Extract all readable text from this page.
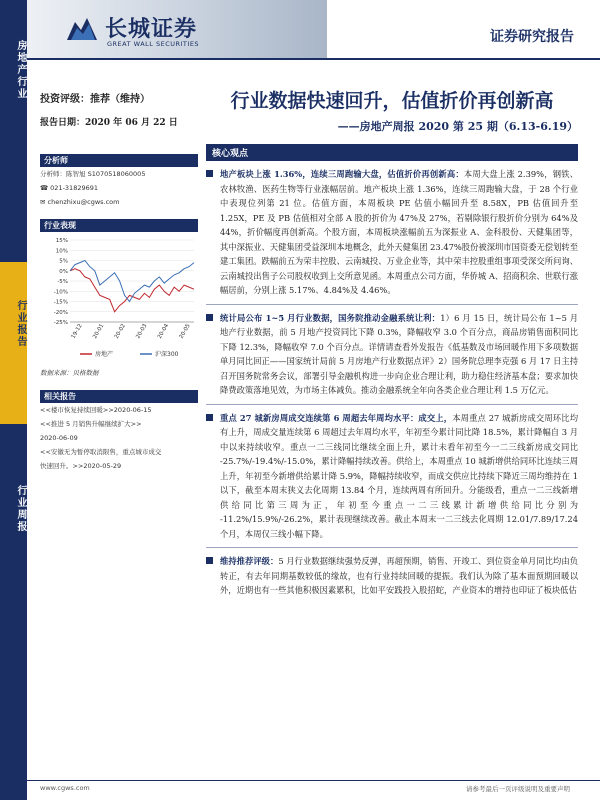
房地产行业
行业报告
行业周报
长城证券
GREAT WALL SECURITIES	证券研究报告
投资评级：推荐（维持）
报告日期：2020 年 06 月 22 日
分析师
分析师：陈智旭 S1070518060005
☎ 021-31829691
✉ chenzhixu@cgws.com
行业表现
15%
10%
5%
0%
-5%
-10%
-15%
-20%
-25%
19-12 20-01 20-02 20-03 20-04 20-05
房地产	沪深300
数据来源：贝格数据
相关报告
<<楼市恢复持续回暖>>2020-06-15
<<推进 5 月销售升幅继续扩大>>
2020-06-09
<<安徽无为暂停取消限售，重点城市成交
快速回升。>>2020-05-29
行业数据快速回升，估值折价再创新高
——房地产周报 2020 第 25 期（6.13-6.19）
核心观点

地产板块上涨 1.36%，连续三周跑输大盘，估值折价再创新高：本周大盘上涨 2.39%，钢铁、农林牧渔、医药生物等行业涨幅居前。地产板块上涨 1.36%，连续三周跑输大盘，于 28 个行业中表现位列第 21 位。估值方面，本周板块 PE 估值小幅回升至 8.58X，PB 估值回升至 1.25X，PE 及 PB 估值相对全部 A 股的折价为 47%及 27%，若剔除银行股折价分别为 64%及 44%，折价幅度再创新高。个股方面，本周板块涨幅前五为深振业 A、金科股份、天健集团等，其中深振业、天健集团受益深圳本地概念，此外天健集团 23.47%股份被深圳市国资委无偿划转至建工集团。跌幅前五为荣丰控股、云南城投、万业企业等，其中荣丰控股重组事项受深交所问询、云南城投出售子公司股权收到上交所意见函。本周重点公司方面，华侨城 A、招商积余、世联行涨幅居前，分别上涨 5.17%、4.84%及 4.46%。

统计局公布 1~5 月行业数据，国务院推动金融系统让利：1）6 月 15 日，统计局公布 1~5 月地产行业数据，前 5 月地产投资同比下降 0.3%，降幅收窄 3.0 个百分点，商品房销售面积同比下降 12.3%，降幅收窄 7.0 个百分点。详情请查看外发报告《低基数及市场回暖作用下多项数据单月同比回正——国家统计局前 5 月房地产行业数据点评》2）国务院总理李克强 6 月 17 日主持召开国务院常务会议，部署引导金融机构进一步向企业合理让利，助力稳住经济基本盘；要求加快降费政策落地见效，为市场主体减负。推动金融系统全年向各类企业合理让利 1.5 万亿元。

重点 27 城新房周成交连续第 6 周超去年周均水平：成交上，本周重点 27 城新房成交周环比均有上升，周成交量连续第 6 周超过去年周均水平，年初至今累计同比降 18.5%，累计降幅自 3 月中以来持续收窄。重点一二三线同比继续全面上升，累计未看年初至今一二三线新房成交同比 -25.7%/-19.4%/-15.0%，累计降幅持续改善。供给上，本周重点 10 城新增供给同环比连续三周上升，年初至今新增供给累计降 5.9%，降幅持续收窄，而成交供应比持续下降近三周均维持在 1 以下，截至本周末狭义去化周期 13.84 个月，连续两周有所回升。分能级看，重点一二三线新增供给同比第三周为正，年初至今重点一二三线累计新增供给同比分别为 -11.2%/15.9%/-26.2%，累计表现继续改善。截止本周末一二三线去化周期 12.01/7.89/17.24 个月，本周仅三线小幅下降。

维持推荐评级：5 月行业数据继续强势反弹，再超预期，销售、开竣工、到位资金单月同比均由负转正，有去年同期基数较低的缘故，也有行业持续回暖的提振。我们认为除了基本面预期回暖以外，近期也有一些其他积极因素累积，比如平安践投入股招蛇，产业资本的增持也印证了板块低估

www.cgws.com	请参考最后一页评级说明及重要声明
